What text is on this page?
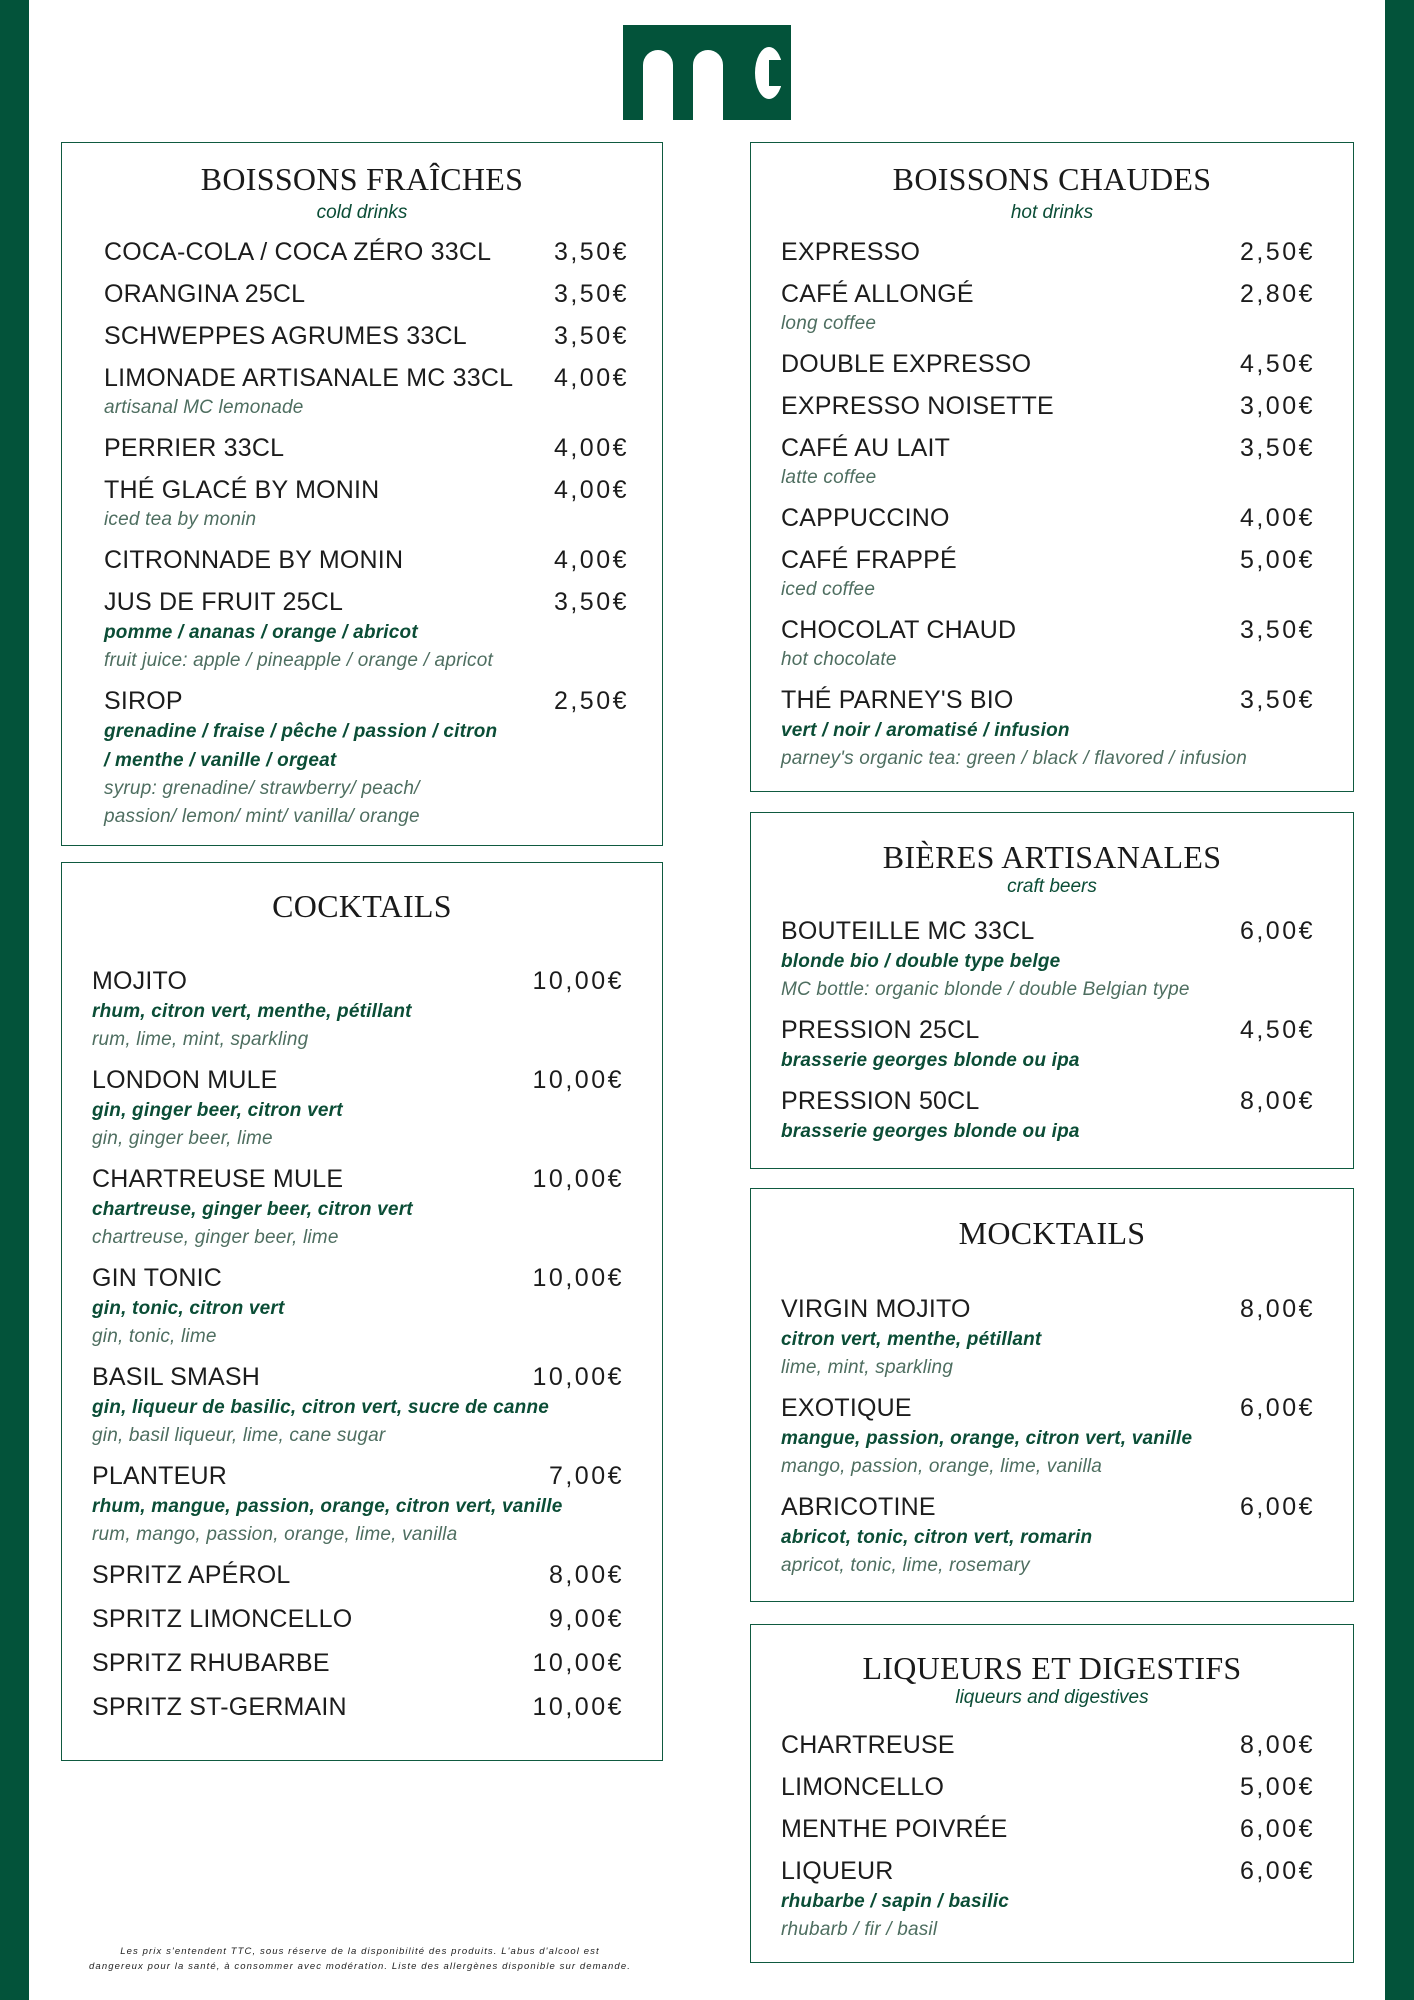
BOISSONS FRAÎCHES
cold drinks
COCA-COLA / COCA ZÉRO 33CL	3,50€
ORANGINA 25CL	3,50€
SCHWEPPES AGRUMES 33CL	3,50€
LIMONADE ARTISANALE MC 33CL	4,00€
artisanal MC lemonade
PERRIER 33CL	4,00€
THÉ GLACÉ BY MONIN	4,00€
iced tea by monin
CITRONNADE BY MONIN	4,00€
JUS DE FRUIT 25CL	3,50€
pomme / ananas / orange / abricot
fruit juice: apple / pineapple / orange / apricot
SIROP	2,50€
grenadine / fraise / pêche / passion / citron
/ menthe / vanille / orgeat
syrup: grenadine/ strawberry/ peach/
passion/ lemon/ mint/ vanilla/ orange
COCKTAILS
MOJITO	10,00€
rhum, citron vert, menthe, pétillant
rum, lime, mint, sparkling
LONDON MULE	10,00€
gin, ginger beer, citron vert
gin, ginger beer, lime
CHARTREUSE MULE	10,00€
chartreuse, ginger beer, citron vert
chartreuse, ginger beer, lime
GIN TONIC	10,00€
gin, tonic, citron vert
gin, tonic, lime
BASIL SMASH	10,00€
gin, liqueur de basilic, citron vert, sucre de canne
gin, basil liqueur, lime, cane sugar
PLANTEUR	7,00€
rhum, mangue, passion, orange, citron vert, vanille
rum, mango, passion, orange, lime, vanilla
SPRITZ APÉROL	8,00€
SPRITZ LIMONCELLO	9,00€
SPRITZ RHUBARBE	10,00€
SPRITZ ST-GERMAIN	10,00€
BOISSONS CHAUDES
hot drinks
EXPRESSO	2,50€
CAFÉ ALLONGÉ	2,80€
long coffee
DOUBLE EXPRESSO	4,50€
EXPRESSO NOISETTE	3,00€
CAFÉ AU LAIT	3,50€
latte coffee
CAPPUCCINO	4,00€
CAFÉ FRAPPÉ	5,00€
iced coffee
CHOCOLAT CHAUD	3,50€
hot chocolate
THÉ PARNEY'S BIO	3,50€
vert / noir / aromatisé / infusion
parney's organic tea: green / black / flavored / infusion
BIÈRES ARTISANALES
craft beers
BOUTEILLE MC 33CL	6,00€
blonde bio / double type belge
MC bottle: organic blonde / double Belgian type
PRESSION 25CL	4,50€
brasserie georges blonde ou ipa
PRESSION 50CL	8,00€
brasserie georges blonde ou ipa
MOCKTAILS
VIRGIN MOJITO	8,00€
citron vert, menthe, pétillant
lime, mint, sparkling
EXOTIQUE	6,00€
mangue, passion, orange, citron vert, vanille
mango, passion, orange, lime, vanilla
ABRICOTINE	6,00€
abricot, tonic, citron vert, romarin
apricot, tonic, lime, rosemary
LIQUEURS ET DIGESTIFS
liqueurs and digestives
CHARTREUSE	8,00€
LIMONCELLO	5,00€
MENTHE POIVRÉE	6,00€
LIQUEUR	6,00€
rhubarbe / sapin / basilic
rhubarb / fir / basil
Les prix s'entendent TTC, sous réserve de la disponibilité des produits. L'abus d'alcool est
dangereux pour la santé, à consommer avec modération. Liste des allergènes disponible sur demande.
